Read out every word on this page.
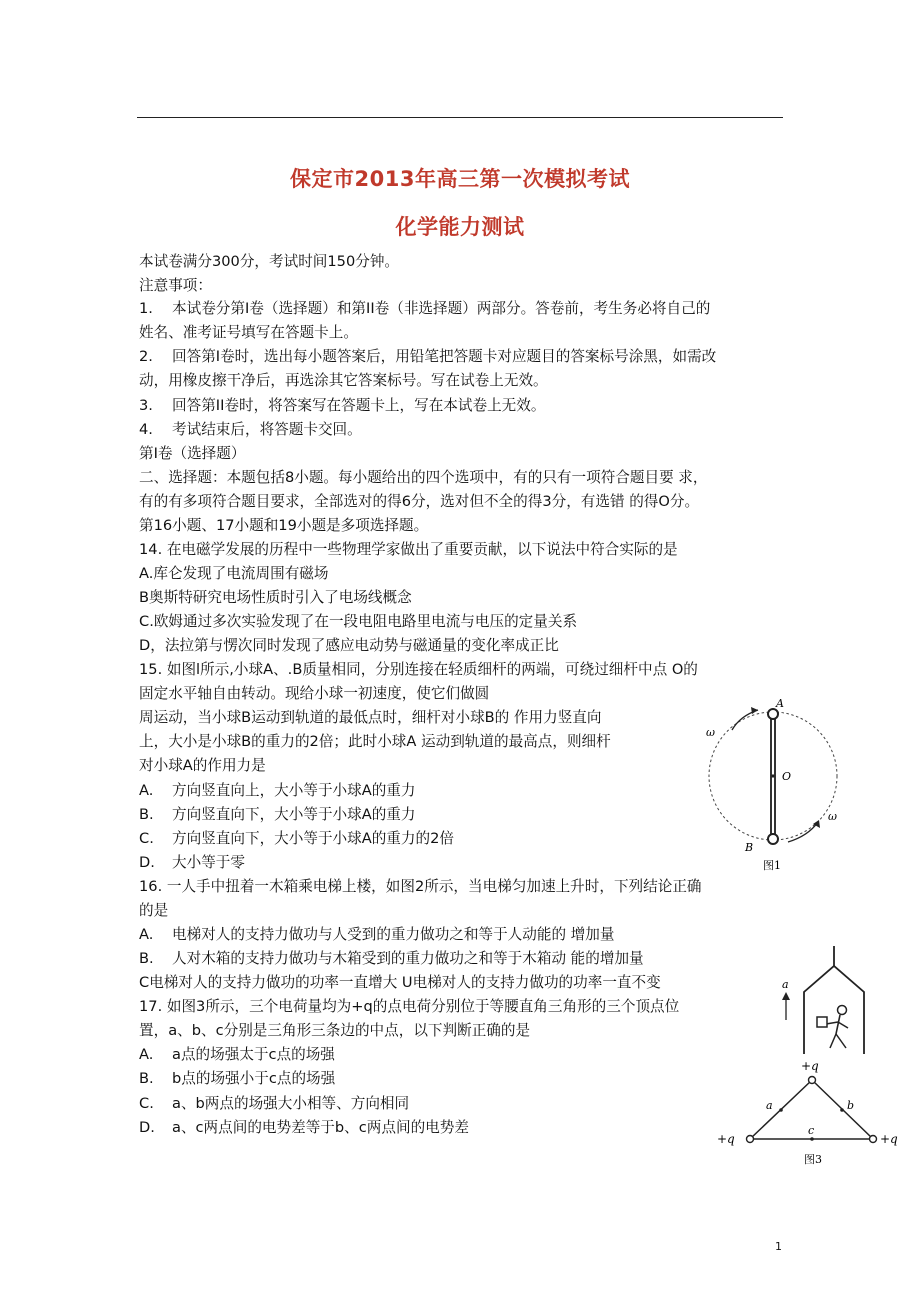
保定市2013年高三第一次模拟考试
化学能力测试
本试卷满分300分，考试时间150分钟。
注意事项：
1. 本试卷分第I卷（选择题）和第II卷（非选择题）两部分。答卷前，考生务必将自己的
姓名、准考证号填写在答题卡上。
2. 回答第I卷时，选出每小题答案后，用铅笔把答题卡对应题目的答案标号涂黑，如需改
动，用橡皮擦干净后，再选涂其它答案标号。写在试卷上无效。
3. 回答第II卷时，将答案写在答题卡上，写在本试卷上无效。
4. 考试结束后，将答题卡交回。
第I卷（选择题）
二、选择题：本题包括8小题。每小题给出的四个选项中，有的只有一项符合题目要 求，
有的有多项符合题目要求，全部选对的得6分，选对但不全的得3分，有选错 的得O分。
第16小题、17小题和19小题是多项选择题。
14. 在电磁学发展的历程中一些物理学家做出了重要贡献，以下说法中符合实际的是
A.库仑发现了电流周围有磁场
B奥斯特研究电场性质时引入了电场线概念
C.欧姆通过多次实验发现了在一段电阻电路里电流与电压的定量关系
D，法拉第与愣次同时发现了感应电动势与磁通量的变化率成正比
15. 如图l所示,小球A、.B质量相同，分别连接在轻质细杆的两端，可绕过细杆中点 O的
固定水平轴自由转动。现给小球一初速度，使它们做圆
周运动，当小球B运动到轨道的最低点时，细杆对小球B的 作用力竖直向
上，大小是小球B的重力的2倍；此时小球A 运动到轨道的最高点，则细杆
对小球A的作用力是
A. 方向竖直向上，大小等于小球A的重力
B. 方向竖直向下，大小等于小球A的重力
C. 方向竖直向下，大小等于小球A的重力的2倍
D. 大小等于零
A
B
O
ω
ω
图1
16. 一人手中扭着一木箱乘电梯上楼，如图2所示，当电梯匀加速上升时，下列结论正确
的是
A. 电梯对人的支持力做功与人受到的重力做功之和等于人动能的 增加量
B. 人对木箱的支持力做功与木箱受到的重力做功之和等于木箱动 能的增加量
C电梯对人的支持力做功的功率一直增大 U电梯对人的支持力做功的功率一直不变	a
17. 如图3所示，三个电荷量均为+q的点电荷分别位于等腰直角三角形的三个顶点位
置，a、b、c分别是三角形三条边的中点，以下判断正确的是
A. a点的场强太于c点的场强
B. b点的场强小于c点的场强
C. a、b两点的场强大小相等、方向相同
D. a、c两点间的电势差等于b、c两点间的电势差
+q
+q	+q
a	b
c
图3
1
